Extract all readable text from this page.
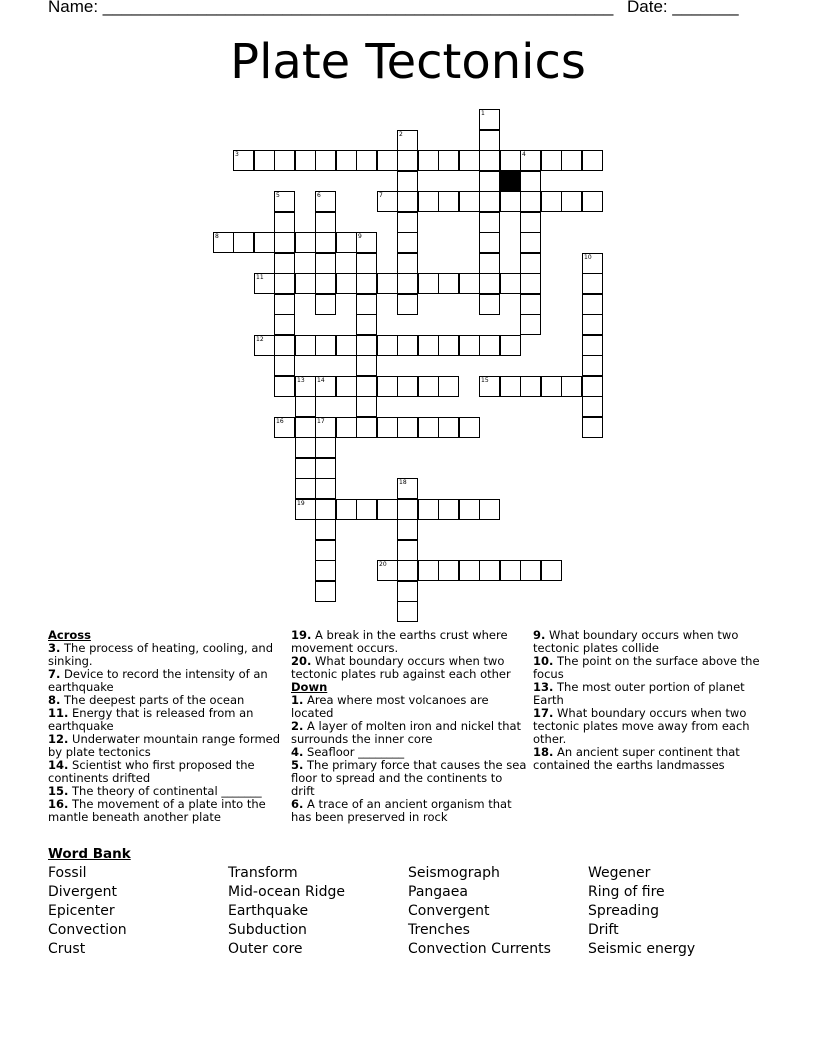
Name: ______________________________________________________ Date: _______
Plate Tectonics
1
2
3	4
5	6	7
8	9
10
11
12
13 14	15
16	17
18
19
20
Across
3. The process of heating, cooling, and sinking.
7. Device to record the intensity of an earthquake
8. The deepest parts of the ocean
11. Energy that is released from an earthquake
12. Underwater mountain range formed by plate tectonics
14. Scientist who first proposed the continents drifted
15. The theory of continental _______
16. The movement of a plate into the mantle beneath another plate
19. A break in the earths crust where movement occurs.
20. What boundary occurs when two tectonic plates rub against each other
Down
1. Area where most volcanoes are located
2. A layer of molten iron and nickel that surrounds the inner core
4. Seafloor ________
5. The primary force that causes the sea floor to spread and the continents to drift
6. A trace of an ancient organism that has been preserved in rock
9. What boundary occurs when two tectonic plates collide
10. The point on the surface above the focus
13. The most outer portion of planet Earth
17. What boundary occurs when two tectonic plates move away from each other.
18. An ancient super continent that contained the earths landmasses
Word Bank
Fossil	Transform	Seismograph	Wegener
Divergent	Mid-ocean Ridge	Pangaea	Ring of fire
Epicenter	Earthquake	Convergent	Spreading
Convection	Subduction	Trenches	Drift
Crust	Outer core	Convection Currents	Seismic energy
